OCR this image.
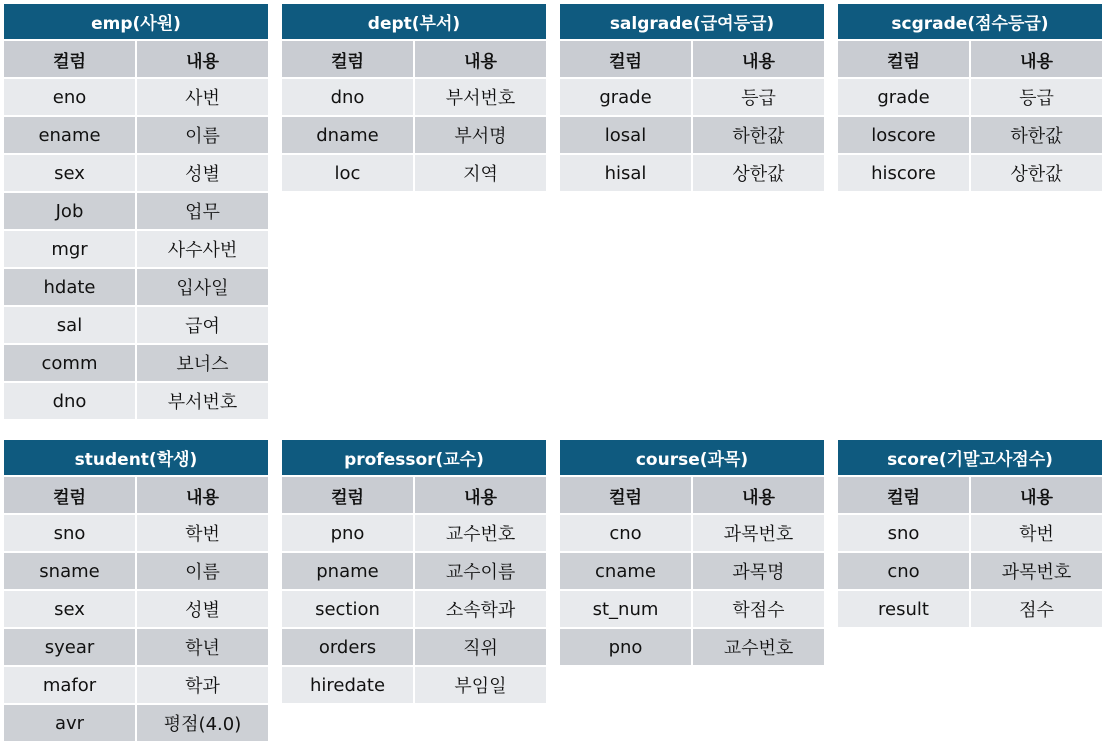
emp(사원)	
컬럼	내용
eno	사번
ename	이름
sex	성별
Job	업무
mgr	사수사번
hdate	입사일
sal	급여
comm	보너스
dno	부서번호
dept(부서)	
컬럼	내용
dno	부서번호
dname	부서명
loc	지역
salgrade(급여등급)	
컬럼	내용
grade	등급
losal	하한값
hisal	상한값
scgrade(점수등급)	
컬럼	내용
grade	등급
loscore	하한값
hiscore	상한값
student(학생)	
컬럼	내용
sno	학번
sname	이름
sex	성별
syear	학년
mafor	학과
avr	평점(4.0)
professor(교수)	
컬럼	내용
pno	교수번호
pname	교수이름
section	소속학과
orders	직위
hiredate	부임일
course(과목)	
컬럼	내용
cno	과목번호
cname	과목명
st_num	학점수
pno	교수번호
score(기말고사점수)	
컬럼	내용
sno	학번
cno	과목번호
result	점수
